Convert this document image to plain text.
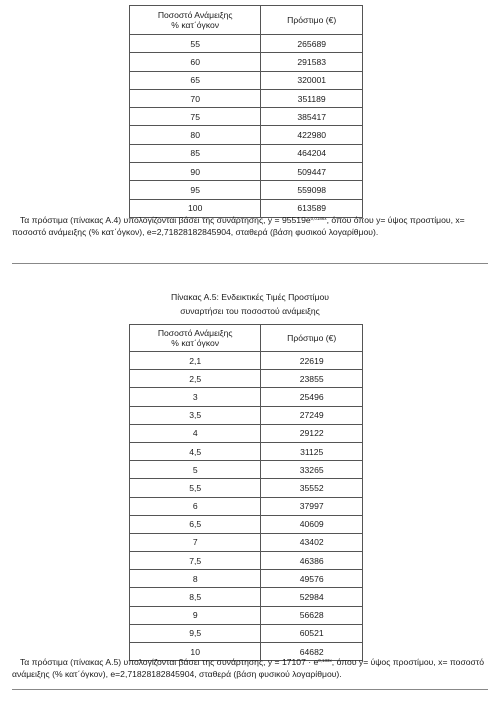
Ποσοστό Ανάμειξης
% κατ΄όγκον	Πρόστιμο (€)
55	265689
60	291583
65	320001
70	351189
75	385417
80	422980
85	464204
90	509447
95	559098
100	613589
Τα πρόστιμα (πίνακας Α.4) υπολογίζονται βάσει της συνάρτησης, $y = 95519e^{0,0186x}$, όπου όπου y= ύψος προστίμου, x= ποσοστό ανάμειξης (% κατ΄όγκον), e=2,71828182845904, σταθερά (βάση φυσικού λογαρίθμου).
Πίνακας Α.5: Ενδεικτικές Τιμές Προστίμου
συναρτήσει του ποσοστού ανάμειξης
Ποσοστό Ανάμειξης
% κατ΄όγκον	Πρόστιμο (€)
2,1	22619
2,5	23855
3	25496
3,5	27249
4	29122
4,5	31125
5	33265
5,5	35552
6	37997
6,5	40609
7	43402
7,5	46386
8	49576
8,5	52984
9	56628
9,5	60521
10	64682
Τα πρόστιμα (πίνακας Α.5) υπολογίζονται βάσει της συνάρτησης, $y = 17107 \cdot e^{0,133x}$, όπου y= ύψος προστίμου, x= ποσοστό ανάμειξης (% κατ΄όγκον), e=2,71828182845904, σταθερά (βάση φυσικού λογαρίθμου).
